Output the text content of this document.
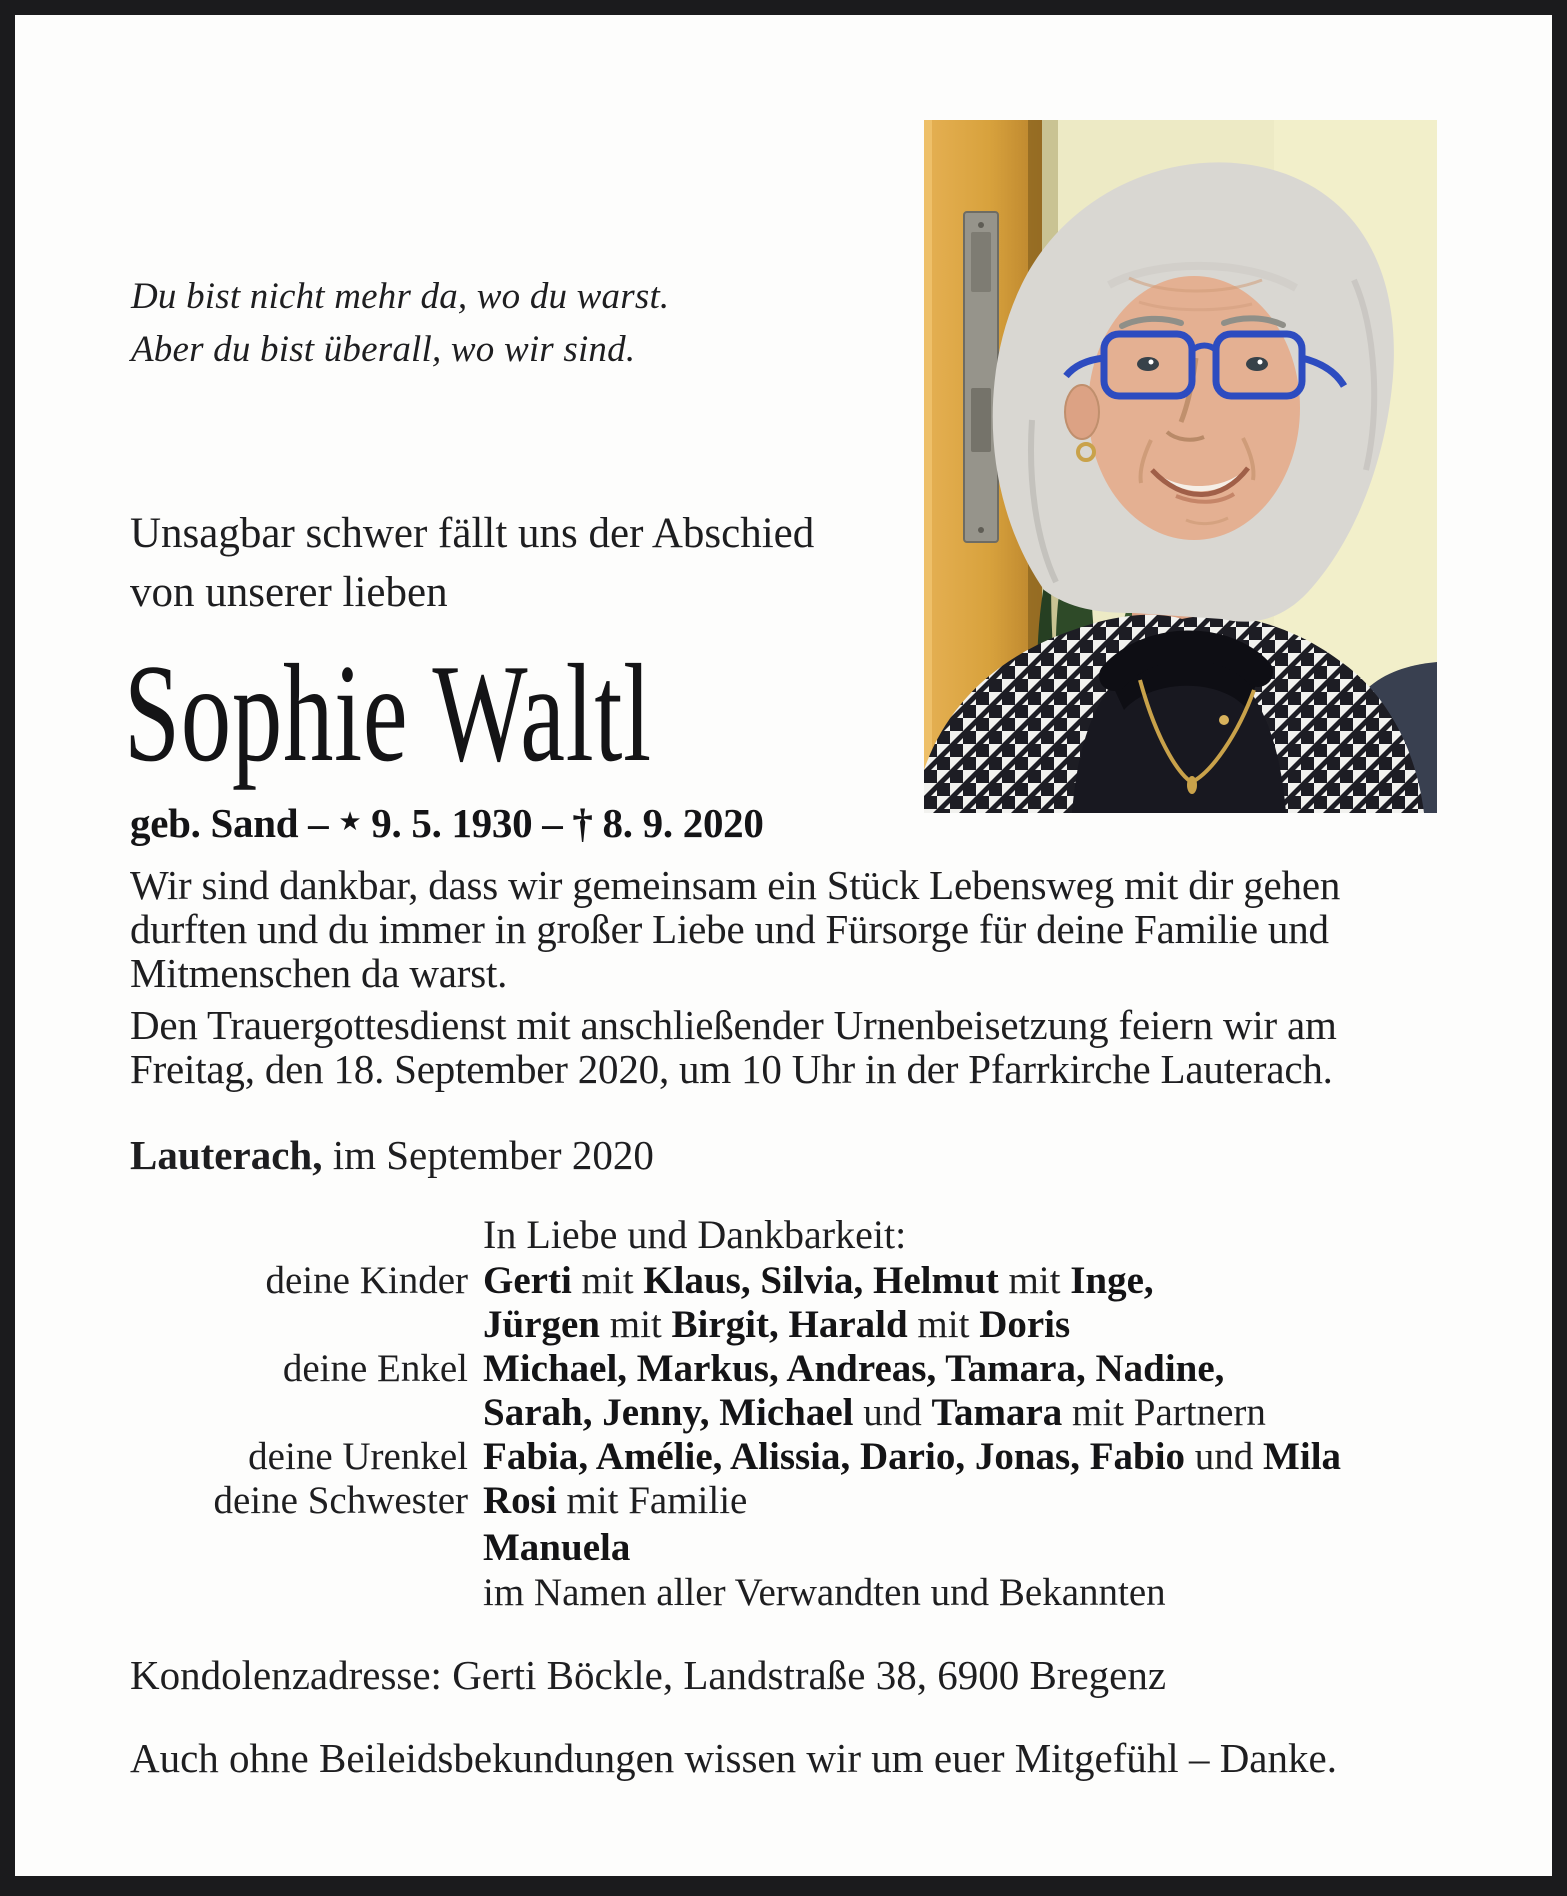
Du bist nicht mehr da, wo du warst.
Aber du bist überall, wo wir sind.
Unsagbar schwer fällt uns der Abschied
von unserer lieben
Sophie Waltl
geb. Sand – ★ 9. 5. 1930 – † 8. 9. 2020
Wir sind dankbar, dass wir gemeinsam ein Stück Lebensweg mit dir gehen
durften und du immer in großer Liebe und Fürsorge für deine Familie und
Mitmenschen da warst.
Den Trauergottesdienst mit anschließender Urnenbeisetzung feiern wir am
Freitag, den 18. September 2020, um 10 Uhr in der Pfarrkirche Lauterach.
Lauterach, im September 2020
In Liebe und Dankbarkeit:
deine Kinder Gerti mit Klaus, Silvia, Helmut mit Inge,
Jürgen mit Birgit, Harald mit Doris
deine Enkel Michael, Markus, Andreas, Tamara, Nadine,
Sarah, Jenny, Michael und Tamara mit Partnern
deine Urenkel Fabia, Amélie, Alissia, Dario, Jonas, Fabio und Mila
deine Schwester Rosi mit Familie
Manuela
im Namen aller Verwandten und Bekannten
Kondolenzadresse: Gerti Böckle, Landstraße 38, 6900 Bregenz
Auch ohne Beileidsbekundungen wissen wir um euer Mitgefühl – Danke.
